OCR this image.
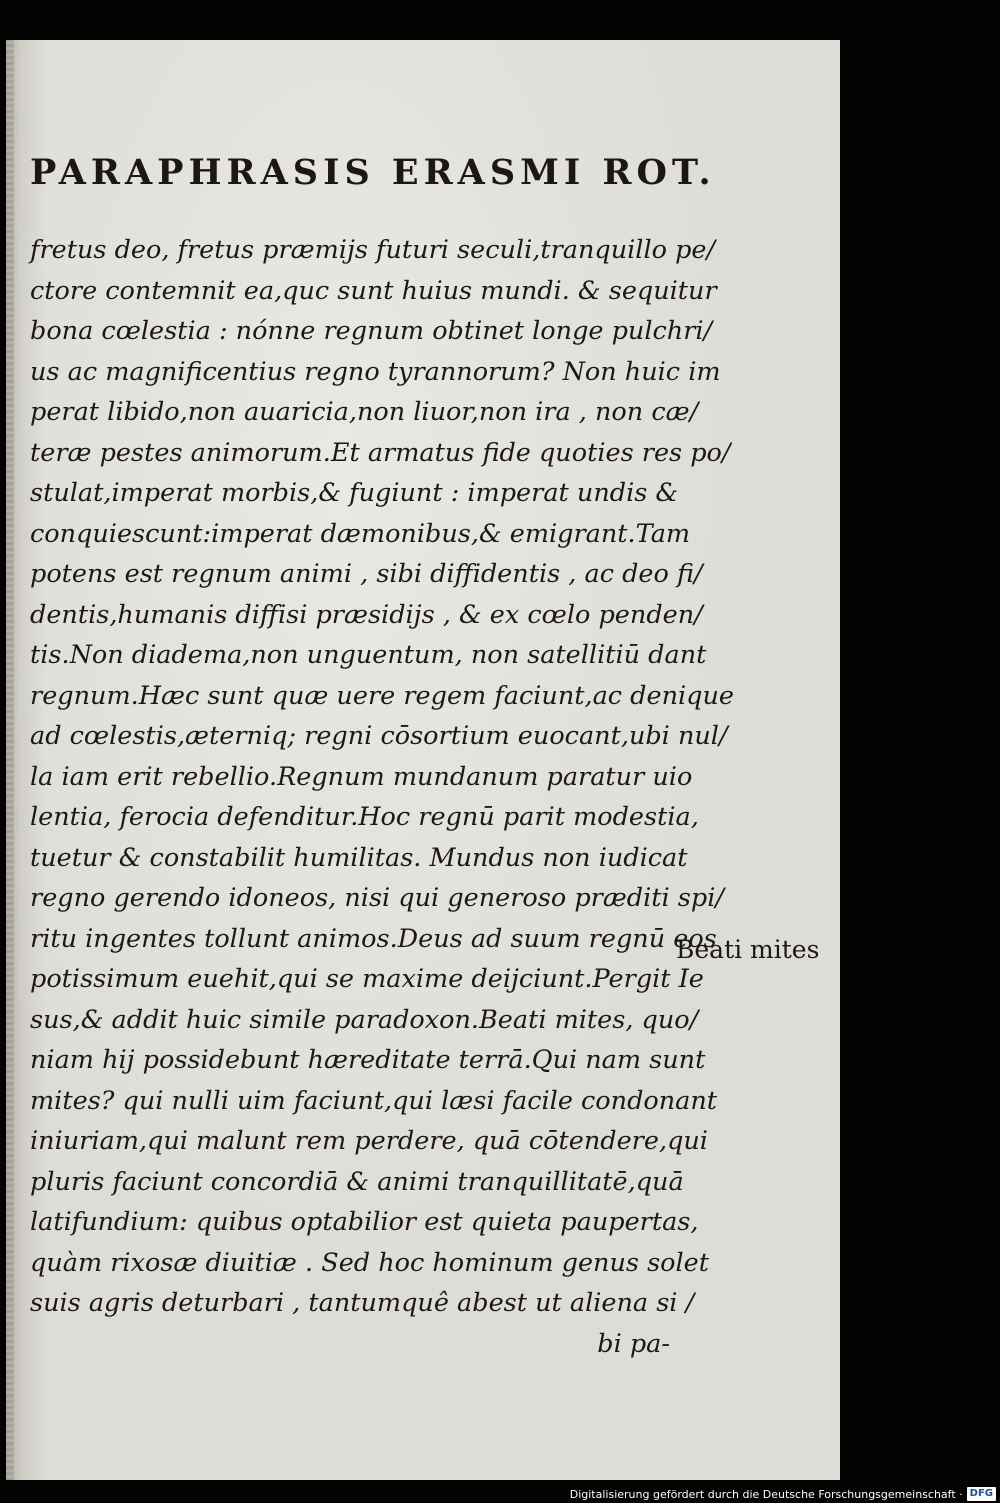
PARAPHRASIS ERASMI ROT.
fretus deo, fretus præmijs futuri seculi,tranquillo pe/
ctore contemnit ea,quc sunt huius mundi. & sequitur
bona cœlestia : nónne regnum obtinet longe pulchri/
us ac magnificentius regno tyrannorum? Non huic im
perat libido,non auaricia,non liuor,non ira , non cæ/
teræ pestes animorum.Et armatus fide quoties res po/
stulat,imperat morbis,& fugiunt : imperat undis &
conquiescunt:imperat dæmonibus,& emigrant.Tam
potens est regnum animi , sibi diffidentis , ac deo fi/
dentis,humanis diffisi præsidijs , & ex cœlo penden/
tis.Non diadema,non unguentum, non satellitiū dant
regnum.Hæc sunt quæ uere regem faciunt,ac denique
ad cœlestis,æterniq; regni cōsortium euocant,ubi nul/
la iam erit rebellio.Regnum mundanum paratur uio
lentia, ferocia defenditur.Hoc regnū parit modestia,
tuetur & constabilit humilitas. Mundus non iudicat
regno gerendo idoneos, nisi qui generoso præditi spi/
ritu ingentes tollunt animos.Deus ad suum regnū eos
potissimum euehit,qui se maxime deijciunt.Pergit Ie
sus,& addit huic simile paradoxon.Beati mites, quo/
niam hij possidebunt hæreditate terrā.Qui nam sunt
mites? qui nulli uim faciunt,qui læsi facile condonant
iniuriam,qui malunt rem perdere, quā cōtendere,qui
pluris faciunt concordiā & animi tranquillitatē,quā
latifundium: quibus optabilior est quieta paupertas,
quàm rixosæ diuitiæ . Sed hoc hominum genus solet
suis agris deturbari , tantumquê abest ut aliena si /
bi pa-

Beati mites

Digitalisierung gefördert durch die Deutsche Forschungsgemeinschaft · DFG
